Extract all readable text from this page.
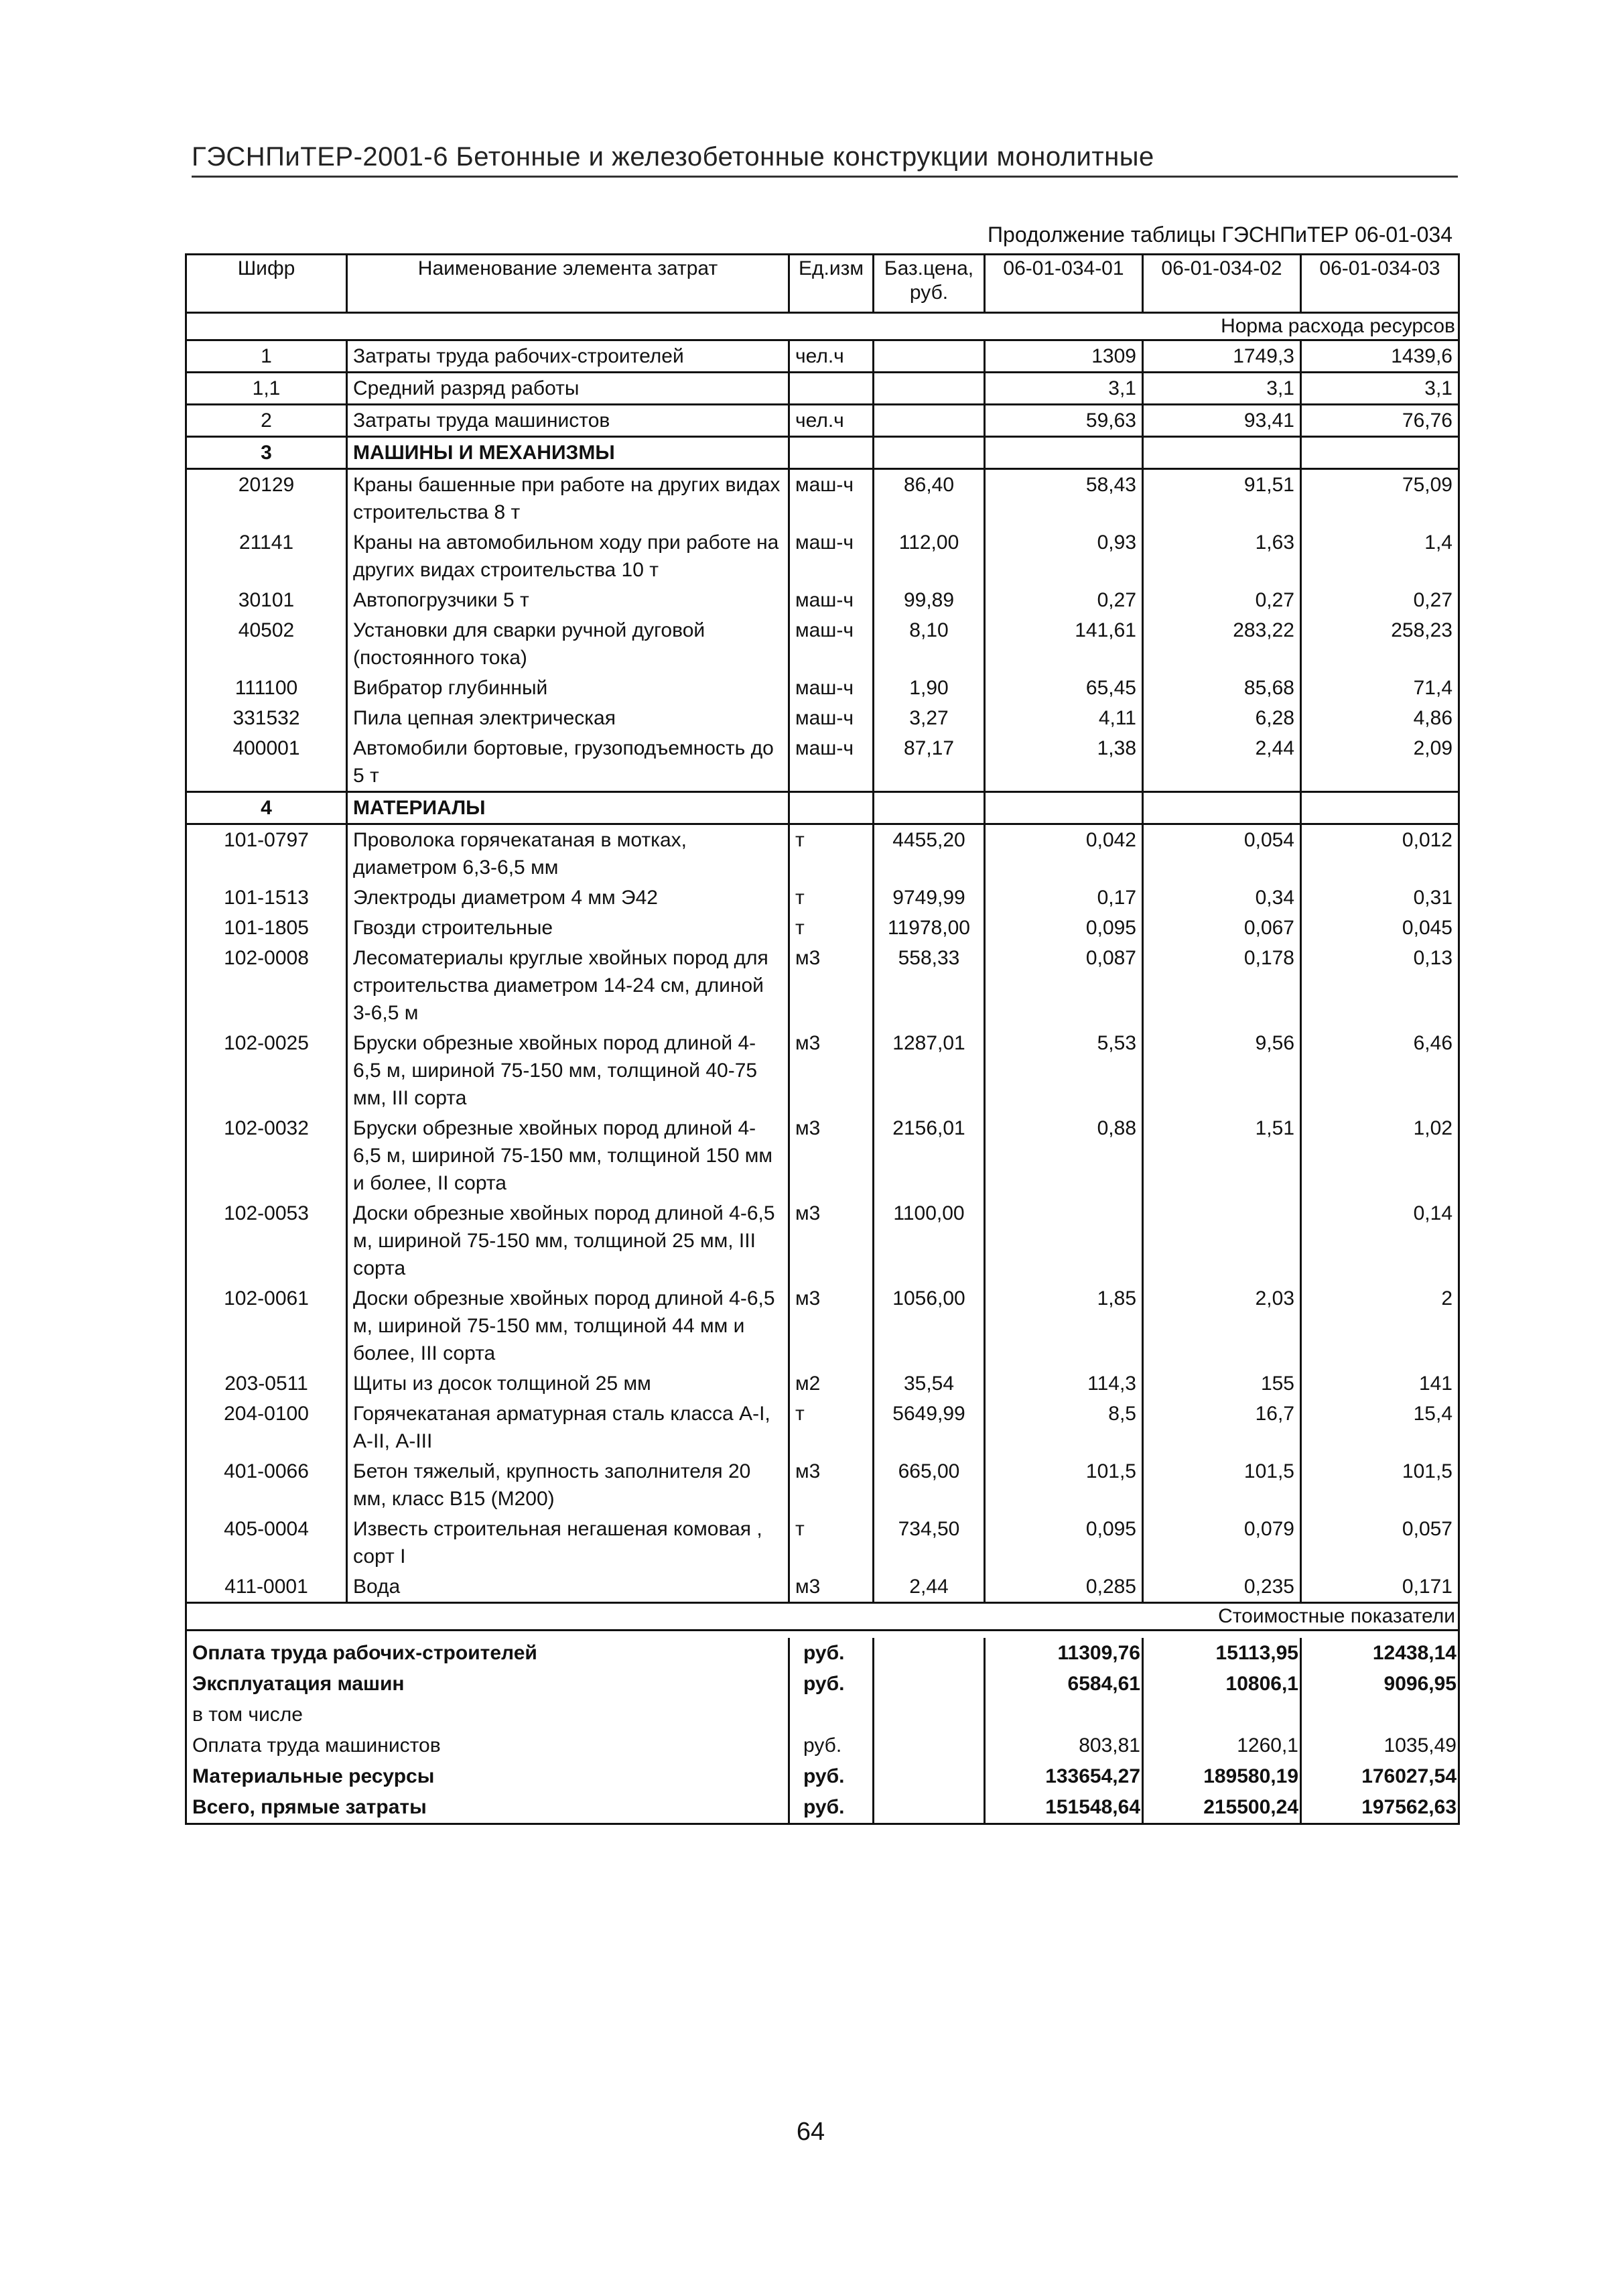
ГЭСНПиТЕР-2001-6 Бетонные и железобетонные конструкции монолитные
Продолжение таблицы ГЭСНПиТЕР 06-01-034
Шифр	Наименование элемента затрат	Ед.изм	Баз.цена, руб.	06-01-034-01	06-01-034-02	06-01-034-03
Норма расхода ресурсов						
1	Затраты труда рабочих-строителей	чел.ч		1309	1749,3	1439,6
1,1	Средний разряд работы			3,1	3,1	3,1
2	Затраты труда машинистов	чел.ч		59,63	93,41	76,76
3	МАШИНЫ И МЕХАНИЗМЫ					
20129	Краны башенные при работе на других видах строительства 8 т	маш-ч	86,40	58,43	91,51	75,09
21141	Краны на автомобильном ходу при работе на других видах строительства 10 т	маш-ч	112,00	0,93	1,63	1,4
30101	Автопогрузчики 5 т	маш-ч	99,89	0,27	0,27	0,27
40502	Установки для сварки ручной дуговой (постоянного тока)	маш-ч	8,10	141,61	283,22	258,23
111100	Вибратор глубинный	маш-ч	1,90	65,45	85,68	71,4
331532	Пила цепная электрическая	маш-ч	3,27	4,11	6,28	4,86
400001	Автомобили бортовые, грузоподъемность до 5 т	маш-ч	87,17	1,38	2,44	2,09
4	МАТЕРИАЛЫ					
101-0797	Проволока горячекатаная в мотках, диаметром 6,3-6,5 мм	т	4455,20	0,042	0,054	0,012
101-1513	Электроды диаметром 4 мм Э42	т	9749,99	0,17	0,34	0,31
101-1805	Гвозди строительные	т	11978,00	0,095	0,067	0,045
102-0008	Лесоматериалы круглые хвойных пород для строительства диаметром 14-24 см, длиной 3-6,5 м	м3	558,33	0,087	0,178	0,13
102-0025	Бруски обрезные хвойных пород длиной 4-6,5 м, шириной 75-150 мм, толщиной 40-75 мм, III сорта	м3	1287,01	5,53	9,56	6,46
102-0032	Бруски обрезные хвойных пород длиной 4-6,5 м, шириной 75-150 мм, толщиной 150 мм и более, II сорта	м3	2156,01	0,88	1,51	1,02
102-0053	Доски обрезные хвойных пород длиной 4-6,5 м, шириной 75-150 мм, толщиной 25 мм, III сорта	м3	1100,00			0,14
102-0061	Доски обрезные хвойных пород длиной 4-6,5 м, шириной 75-150 мм, толщиной 44 мм и более, III сорта	м3	1056,00	1,85	2,03	2
203-0511	Щиты из досок толщиной 25 мм	м2	35,54	114,3	155	141
204-0100	Горячекатаная арматурная сталь класса А-I, А-II, А-III	т	5649,99	8,5	16,7	15,4
401-0066	Бетон тяжелый, крупность заполнителя 20 мм, класс В15 (М200)	м3	665,00	101,5	101,5	101,5
405-0004	Известь строительная негашеная комовая , сорт I	т	734,50	0,095	0,079	0,057
411-0001	Вода	м3	2,44	0,285	0,235	0,171
Стоимостные показатели						

Оплата труда рабочих-строителей		руб.		11309,76	15113,95	12438,14
Эксплуатация машин		руб.		6584,61	10806,1	9096,95
в том числе						
Оплата труда машинистов		руб.		803,81	1260,1	1035,49
Материальные ресурсы		руб.		133654,27	189580,19	176027,54
Всего, прямые затраты		руб.		151548,64	215500,24	197562,63
64
